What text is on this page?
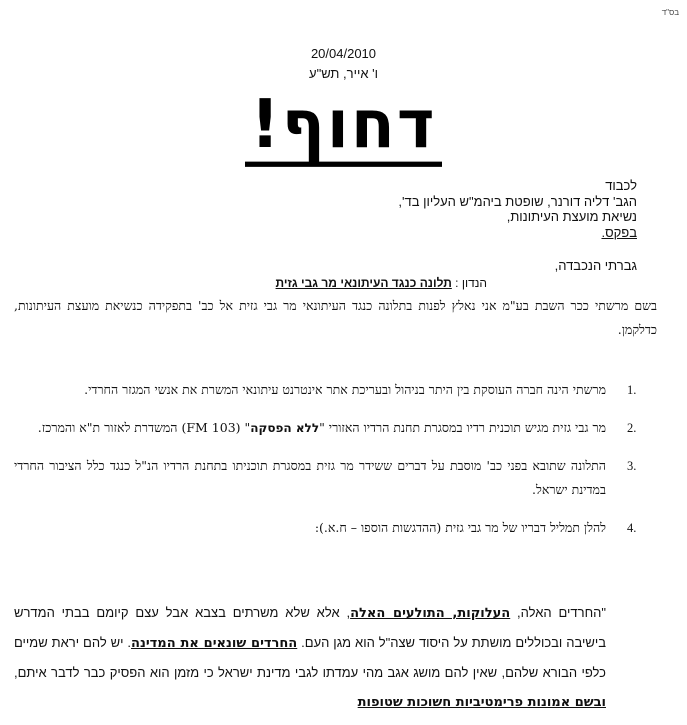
בס"ד
20/04/2010
ו' אייר, תש"ע
דחוף!
לכבוד
הגב' דליה דורנר, שופטת ביהמ"ש העליון בד',
נשיאת מועצת העיתונות,
בפקס.
גברתי הנכבדה,
הנדון : תלונה כנגד העיתונאי מר גבי גזית
בשם מרשתי ככר השבת בע"מ אני נאלץ לפנות בתלונה כנגד העיתונאי מר גבי גזית אל כב' בתפקידה כנשיאת מועצת העיתונות, כדלקמן.
1.
מרשתי הינה חברה העוסקת בין היתר בניהול ובעריכת אתר אינטרנט עיתונאי המשרת את אנשי המגזר החרדי.
2.
מר גבי גזית מגיש תוכנית רדיו במסגרת תחנת הרדיו האזורי "ללא הפסקה" (FM 103) המשדרת לאזור ת"א והמרכז.
3.
התלונה שתובא בפני כב' מוסבת על דברים ששידר מר גזית במסגרת תוכניתו בתחנת הרדיו הנ"ל כנגד כלל הציבור החרדי במדינת ישראל.
4.
להלן תמליל דבריו של מר גבי גזית (ההדגשות הוספו – ח.א.):
"החרדים האלה, העלוקות, התולעים האלה, אלא שלא משרתים בצבא אבל עצם קיומם בבתי המדרש בישיבה ובכוללים מושתת על היסוד שצה"ל הוא מגן העם. החרדים שונאים את המדינה. יש להם יראת שמיים כלפי הבורא שלהם, שאין להם מושג אגב מהי עמדתו לגבי מדינת ישראל כי מזמן הוא הפסיק כבר לדבר איתם, ובשם אמונות פרימטיביות חשוכות שטופות
